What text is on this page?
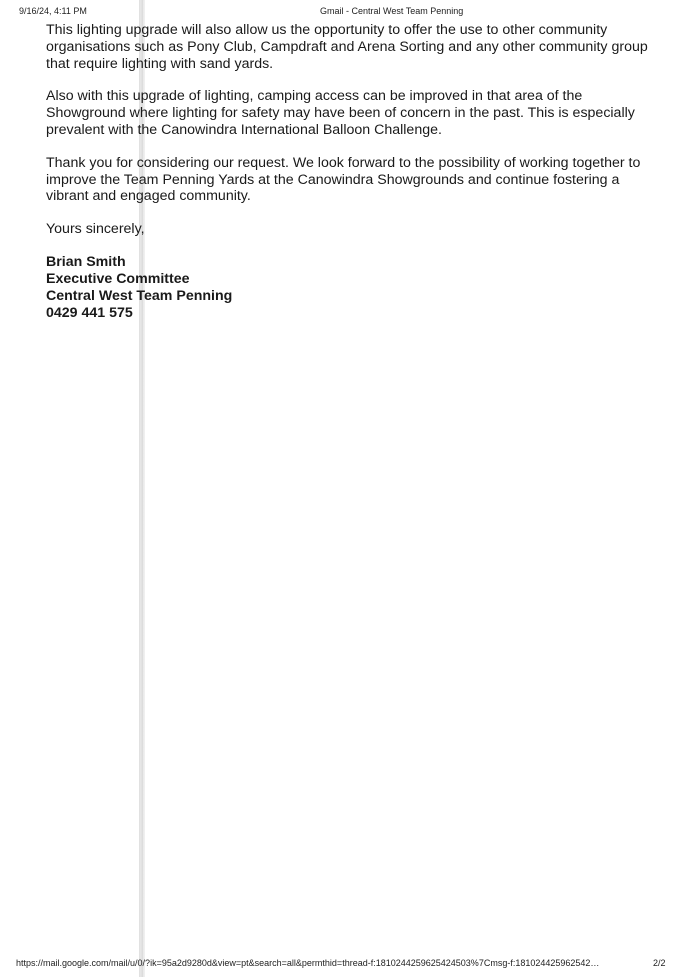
9/16/24, 4:11 PM	Gmail - Central West Team Penning

This lighting upgrade will also allow us the opportunity to offer the use to other community organisations such as Pony Club, Campdraft and Arena Sorting and any other community group that require lighting with sand yards.

Also with this upgrade of lighting, camping access can be improved in that area of the Showground where lighting for safety may have been of concern in the past. This is especially prevalent with the Canowindra International Balloon Challenge.

Thank you for considering our request. We look forward to the possibility of working together to improve the Team Penning Yards at the Canowindra Showgrounds and continue fostering a vibrant and engaged community.

Yours sincerely,

Brian Smith
Executive Committee
Central West Team Penning
0429 441 575
https://mail.google.com/mail/u/0/?ik=95a2d9280d&view=pt&search=all&permthid=thread-f:1810244259625424503%7Cmsg-f:181024425962542…	2/2
